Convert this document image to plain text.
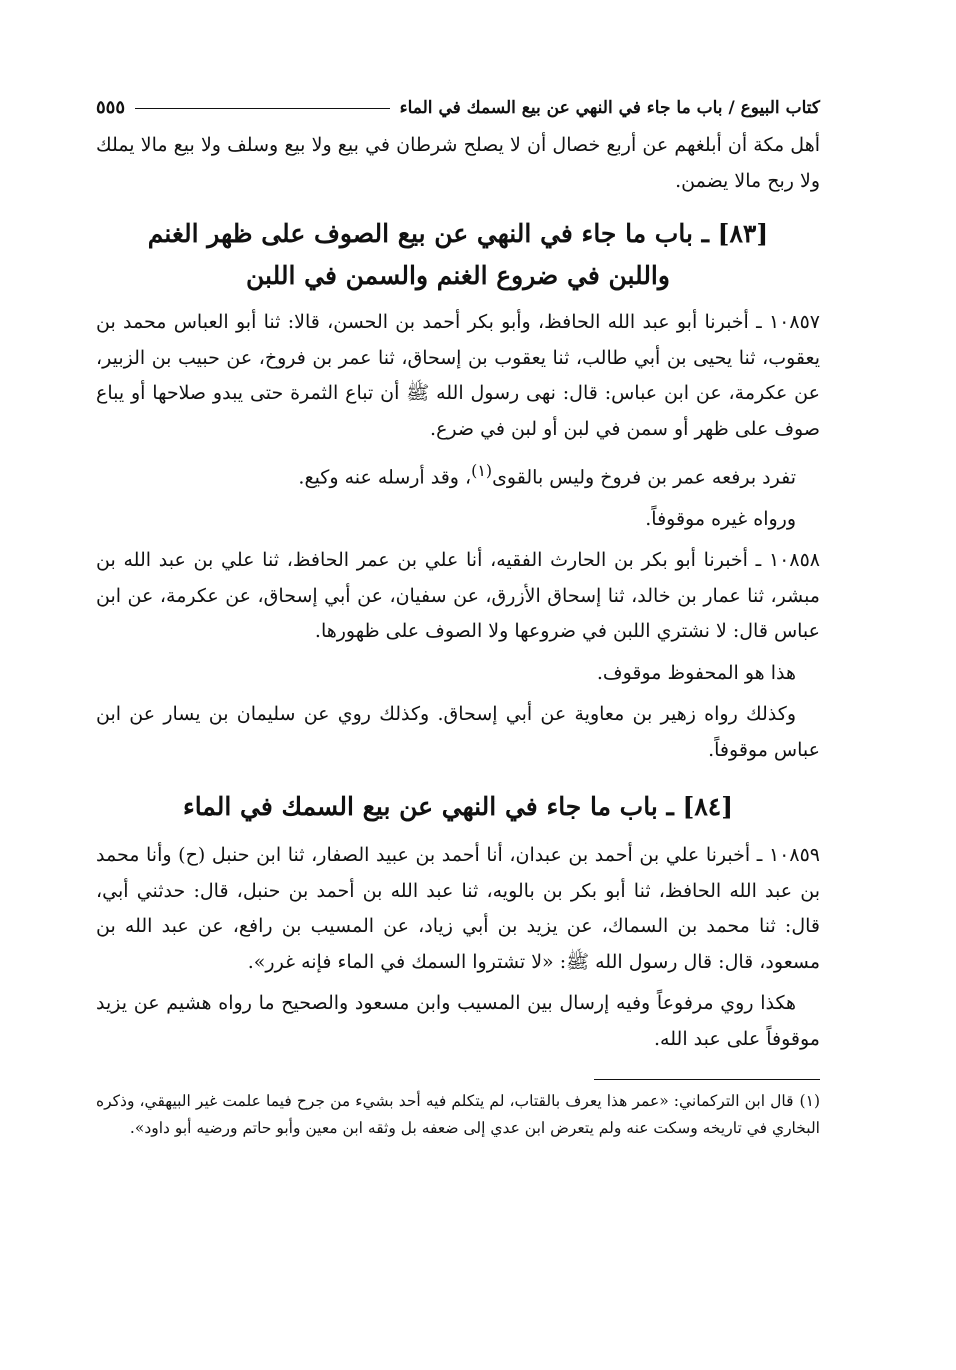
كتاب البيوع / باب ما جاء في النهي عن بيع السمك في الماء
٥٥٥

أهل مكة أن أبلغهم عن أربع خصال أن لا يصلح شرطان في بيع ولا بيع وسلف ولا بيع مالا يملك ولا ربح مالا يضمن.

[٨٣] ـ باب ما جاء في النهي عن بيع الصوف على ظهر الغنم واللبن في ضروع الغنم والسمن في اللبن

١٠٨٥٧ ـ أخبرنا أبو عبد الله الحافظ، وأبو بكر أحمد بن الحسن، قالا: ثنا أبو العباس محمد بن يعقوب، ثنا يحيى بن أبي طالب، ثنا يعقوب بن إسحاق، ثنا عمر بن فروخ، عن حبيب بن الزبير، عن عكرمة، عن ابن عباس: قال: نهى رسول الله ﷺ أن تباع الثمرة حتى يبدو صلاحها أو يباع صوف على ظهر أو سمن في لبن أو لبن في ضرع.

تفرد برفعه عمر بن فروخ وليس بالقوى$^{(١)}$، وقد أرسله عنه وكيع.

ورواه غيره موقوفاً.

١٠٨٥٨ ـ أخبرنا أبو بكر بن الحارث الفقيه، أنا علي بن عمر الحافظ، ثنا علي بن عبد الله بن مبشر، ثنا عمار بن خالد، ثنا إسحاق الأزرق، عن سفيان، عن أبي إسحاق، عن عكرمة، عن ابن عباس قال: لا نشتري اللبن في ضروعها ولا الصوف على ظهورها.

هذا هو المحفوظ موقوف.

وكذلك رواه زهير بن معاوية عن أبي إسحاق. وكذلك روي عن سليمان بن يسار عن ابن عباس موقوفاً.

[٨٤] ـ باب ما جاء في النهي عن بيع السمك في الماء

١٠٨٥٩ ـ أخبرنا علي بن أحمد بن عبدان، أنا أحمد بن عبيد الصفار، ثنا ابن حنبل (ح) وأنا محمد بن عبد الله الحافظ، ثنا أبو بكر بن بالويه، ثنا عبد الله بن أحمد بن حنبل، قال: حدثني أبي، قال: ثنا محمد بن السماك، عن يزيد بن أبي زياد، عن المسيب بن رافع، عن عبد الله بن مسعود، قال: قال رسول الله ﷺ: «لا تشتروا السمك في الماء فإنه غرر».

هكذا روي مرفوعاً وفيه إرسال بين المسيب وابن مسعود والصحيح ما رواه هشيم عن يزيد موقوفاً على عبد الله.

(١)قال ابن التركماني: «عمر هذا يعرف بالقتاب، لم يتكلم فيه أحد بشيء من جرح فيما علمت غير البيهقي، وذكره البخاري في تاريخه وسكت عنه ولم يتعرض ابن عدي إلى ضعفه بل وثقه ابن معين وأبو حاتم ورضيه أبو داود».
